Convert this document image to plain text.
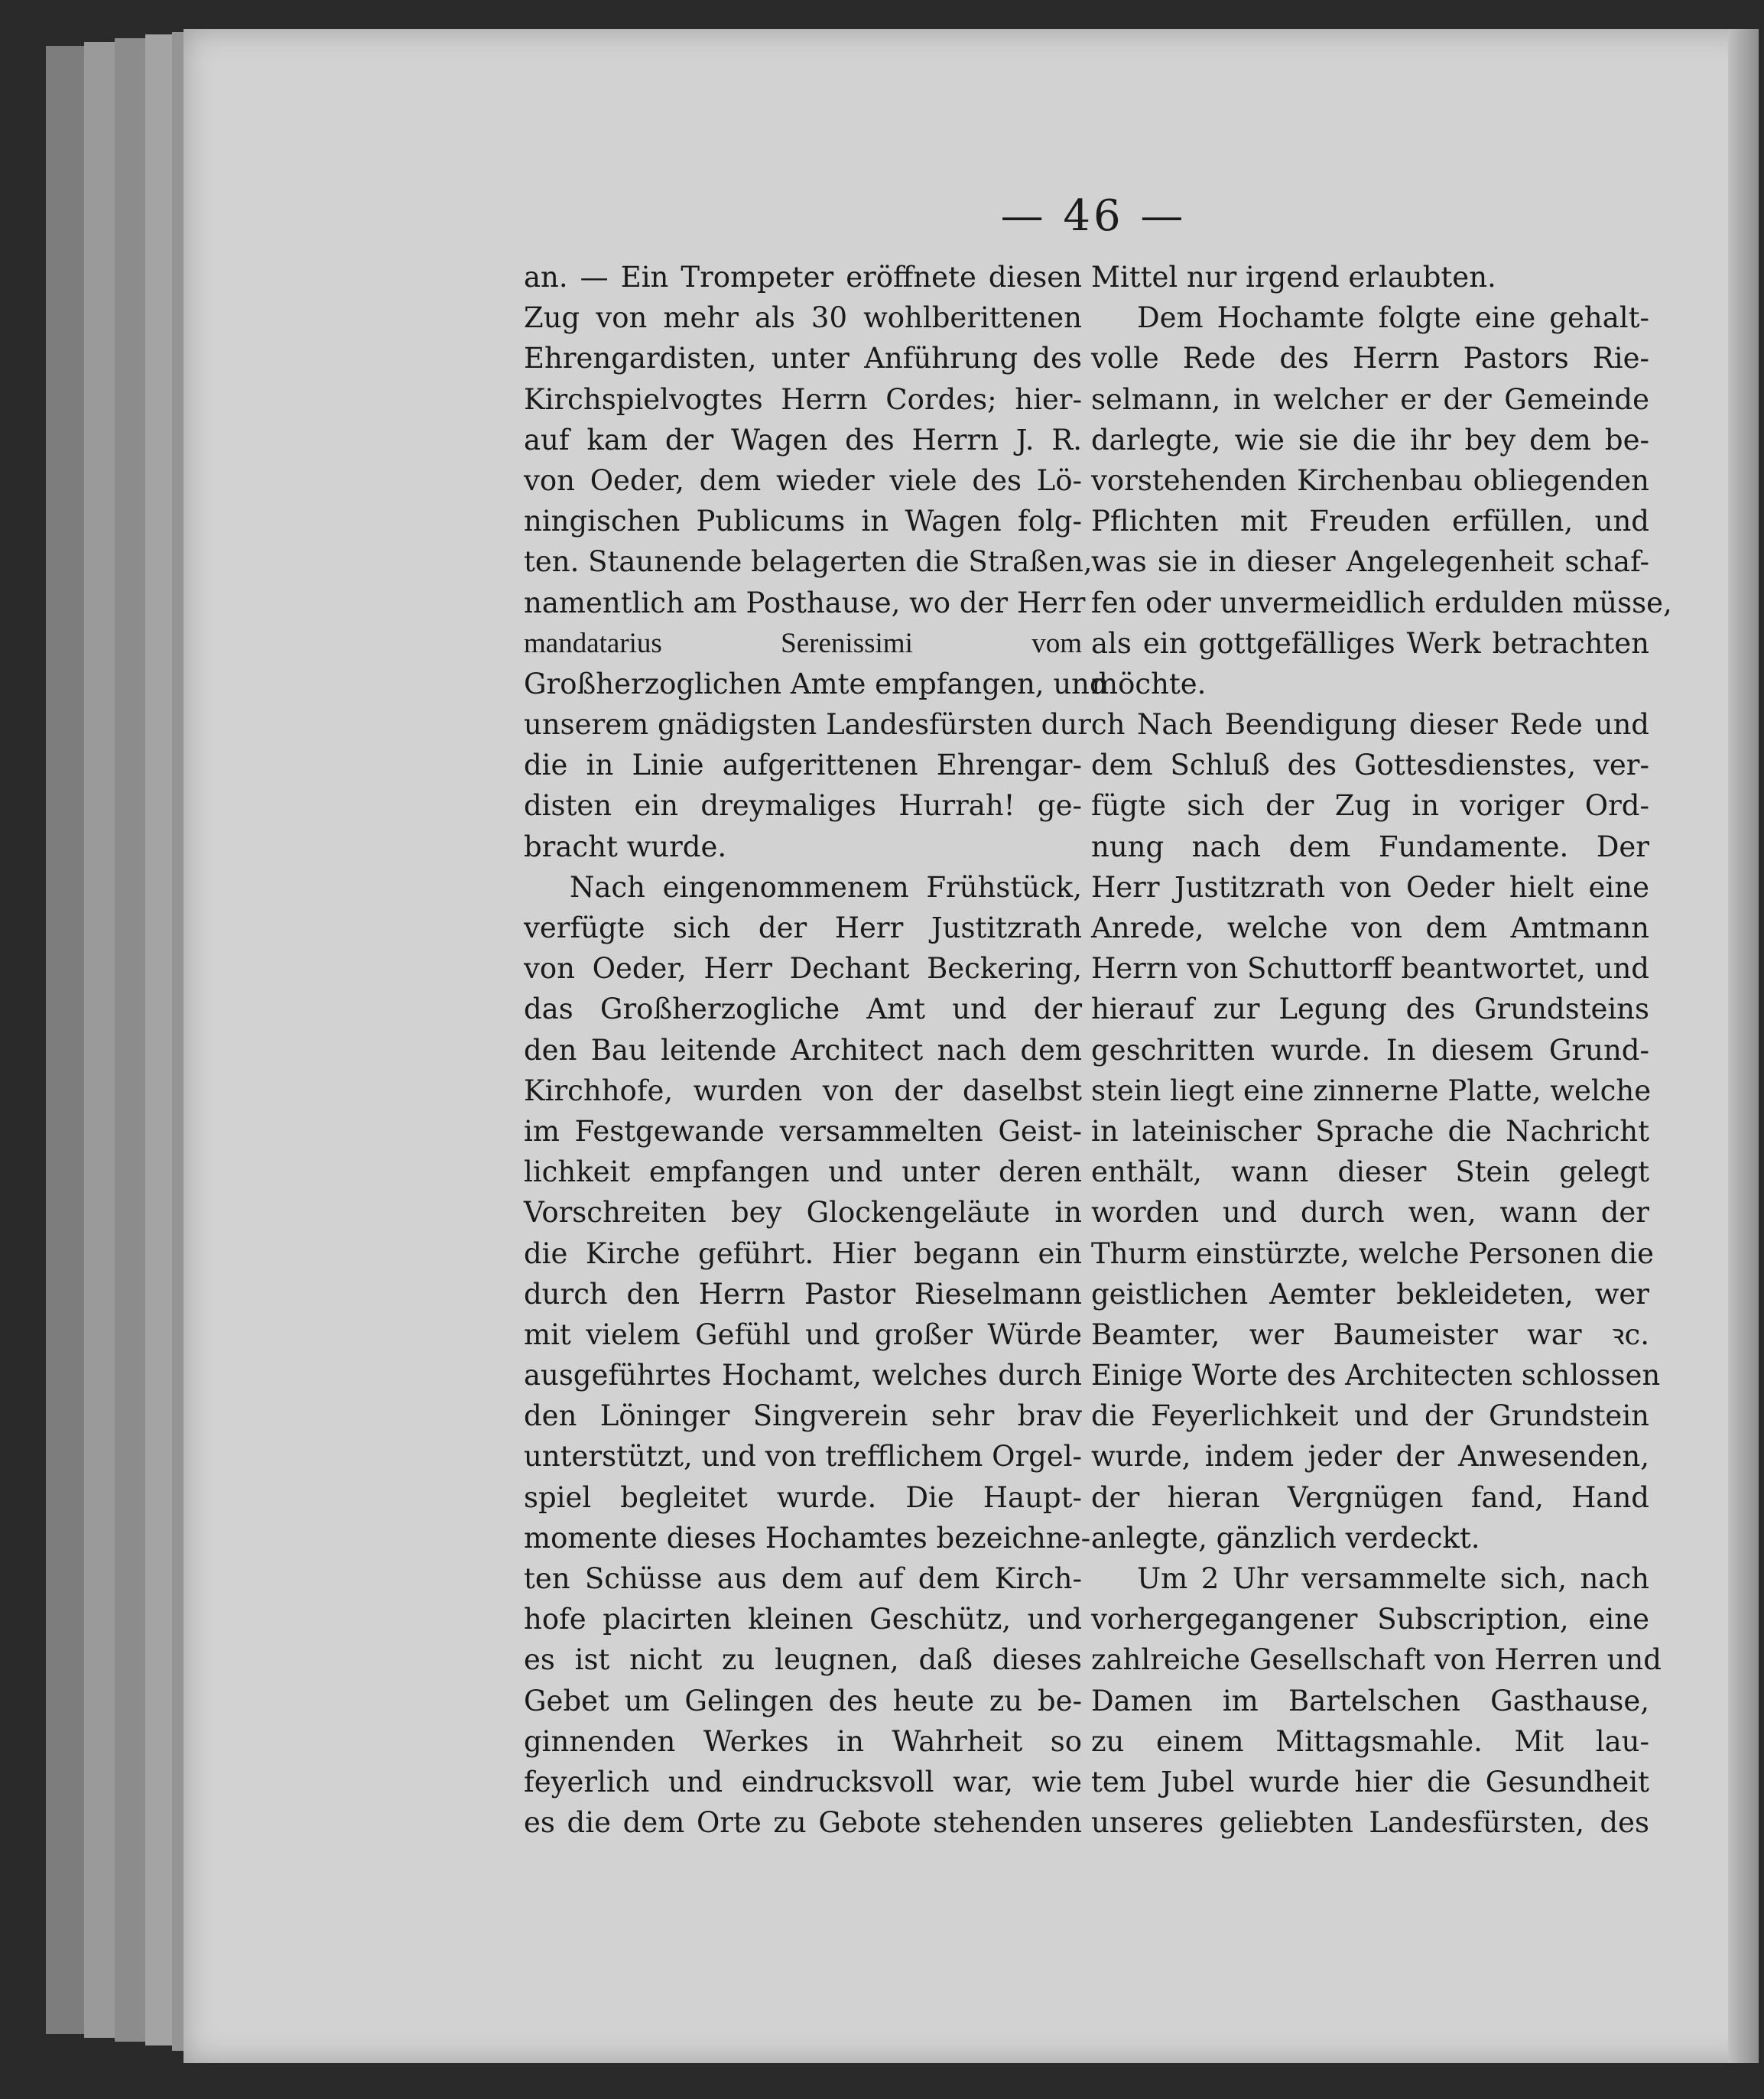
— 46 —
an. — Ein Trompeter eröffnete diesen
Zug von mehr als 30 wohlberittenen
Ehrengardisten, unter Anführung des
Kirchspielvogtes Herrn Cordes; hier-
auf kam der Wagen des Herrn J. R.
von Oeder, dem wieder viele des Lö-
ningischen Publicums in Wagen folg-
ten. Staunende belagerten die Straßen,
namentlich am Posthause, wo der Herr
mandatarius Serenissimi vom
Großherzoglichen Amte empfangen, und
unserem gnädigsten Landesfürsten durch
die in Linie aufgerittenen Ehrengar-
disten ein dreymaliges Hurrah! ge-
bracht wurde.
Nach eingenommenem Frühstück,
verfügte sich der Herr Justitzrath
von Oeder, Herr Dechant Beckering,
das Großherzogliche Amt und der
den Bau leitende Architect nach dem
Kirchhofe, wurden von der daselbst
im Festgewande versammelten Geist-
lichkeit empfangen und unter deren
Vorschreiten bey Glockengeläute in
die Kirche geführt. Hier begann ein
durch den Herrn Pastor Rieselmann
mit vielem Gefühl und großer Würde
ausgeführtes Hochamt, welches durch
den Löninger Singverein sehr brav
unterstützt, und von trefflichem Orgel-
spiel begleitet wurde. Die Haupt-
momente dieses Hochamtes bezeichne-
ten Schüsse aus dem auf dem Kirch-
hofe placirten kleinen Geschütz, und
es ist nicht zu leugnen, daß dieses
Gebet um Gelingen des heute zu be-
ginnenden Werkes in Wahrheit so
feyerlich und eindrucksvoll war, wie
es die dem Orte zu Gebote stehenden
Mittel nur irgend erlaubten.
Dem Hochamte folgte eine gehalt-
volle Rede des Herrn Pastors Rie-
selmann, in welcher er der Gemeinde
darlegte, wie sie die ihr bey dem be-
vorstehenden Kirchenbau obliegenden
Pflichten mit Freuden erfüllen, und
was sie in dieser Angelegenheit schaf-
fen oder unvermeidlich erdulden müsse,
als ein gottgefälliges Werk betrachten
möchte.
Nach Beendigung dieser Rede und
dem Schluß des Gottesdienstes, ver-
fügte sich der Zug in voriger Ord-
nung nach dem Fundamente. Der
Herr Justitzrath von Oeder hielt eine
Anrede, welche von dem Amtmann
Herrn von Schuttorff beantwortet, und
hierauf zur Legung des Grundsteins
geschritten wurde. In diesem Grund-
stein liegt eine zinnerne Platte, welche
in lateinischer Sprache die Nachricht
enthält, wann dieser Stein gelegt
worden und durch wen, wann der
Thurm einstürzte, welche Personen die
geistlichen Aemter bekleideten, wer
Beamter, wer Baumeister war ꝛc.
Einige Worte des Architecten schlossen
die Feyerlichkeit und der Grundstein
wurde, indem jeder der Anwesenden,
der hieran Vergnügen fand, Hand
anlegte, gänzlich verdeckt.
Um 2 Uhr versammelte sich, nach
vorhergegangener Subscription, eine
zahlreiche Gesellschaft von Herren und
Damen im Bartelschen Gasthause,
zu einem Mittagsmahle. Mit lau-
tem Jubel wurde hier die Gesundheit
unseres geliebten Landesfürsten, des
